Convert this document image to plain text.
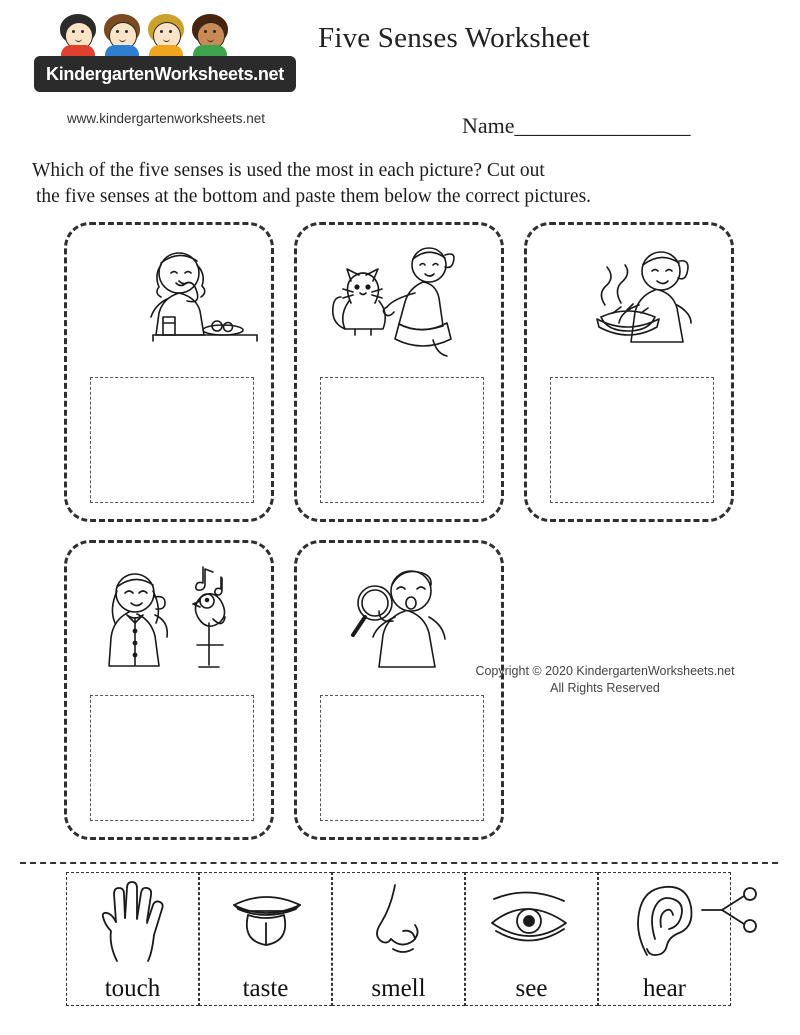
KindergartenWorksheets.net
www.kindergartenworksheets.net
Five Senses Worksheet
Name________________
Which of the five senses is used the most in each picture? Cut out
the five senses at the bottom and paste them below the correct pictures.
Copyright © 2020 KindergartenWorksheets.net
All Rights Reserved
touch	taste	smell	see	hear
